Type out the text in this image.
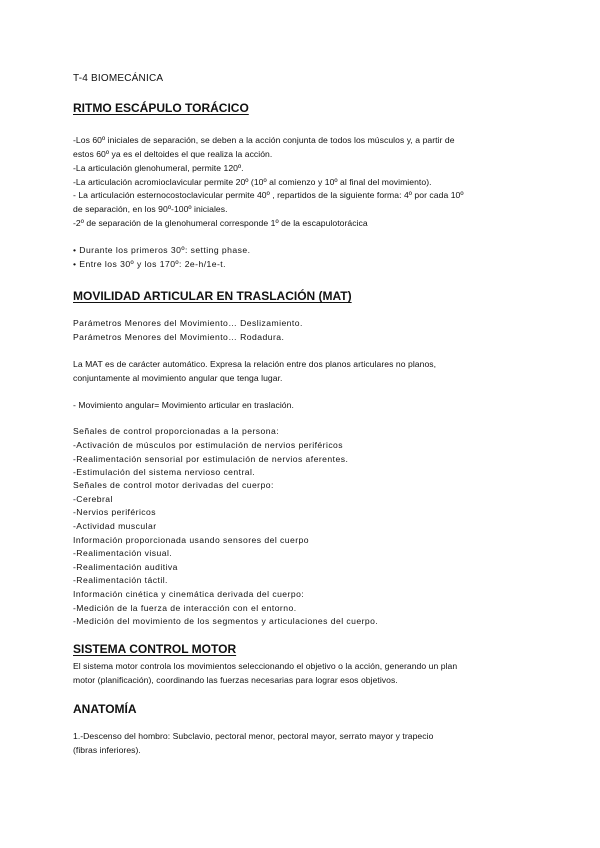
T-4 BIOMECÁNICA
RITMO ESCÁPULO TORÁCICO
-Los 60º iniciales de separación, se deben a la acción conjunta de todos los músculos y, a partir de
estos 60º ya es el deltoides el que realiza la acción.
-La articulación glenohumeral, permite 120º.
-La articulación acromioclavicular permite 20º (10º al comienzo y 10º al final del movimiento).
- La articulación esternocostoclavicular permite 40º , repartidos de la siguiente forma: 4º por cada 10º
de separación, en los 90º-100º iniciales.
-2º de separación de la glenohumeral corresponde 1º de la escapulotorácica
• Durante los primeros 30º: setting phase.
• Entre los 30º y los 170º: 2e-h/1e-t.
MOVILIDAD ARTICULAR EN TRASLACIÓN (MAT)
Parámetros Menores del Movimiento… Deslizamiento.
Parámetros Menores del Movimiento… Rodadura.
La MAT es de carácter automático. Expresa la relación entre dos planos articulares no planos,
conjuntamente al movimiento angular que tenga lugar.
- Movimiento angular= Movimiento articular en traslación.
Señales de control proporcionadas a la persona:
-Activación de músculos por estimulación de nervios periféricos
-Realimentación sensorial por estimulación de nervios aferentes.
-Estimulación del sistema nervioso central.
Señales de control motor derivadas del cuerpo:
-Cerebral
-Nervios periféricos
-Actividad muscular
Información proporcionada usando sensores del cuerpo
-Realimentación visual.
-Realimentación auditiva
-Realimentación táctil.
Información cinética y cinemática derivada del cuerpo:
-Medición de la fuerza de interacción con el entorno.
-Medición del movimiento de los segmentos y articulaciones del cuerpo.
SISTEMA CONTROL MOTOR
El sistema motor controla los movimientos seleccionando el objetivo o la acción, generando un plan
motor (planificación), coordinando las fuerzas necesarias para lograr esos objetivos.
ANATOMÍA
1.-Descenso del hombro: Subclavio, pectoral menor, pectoral mayor, serrato mayor y trapecio
(fibras inferiores).
